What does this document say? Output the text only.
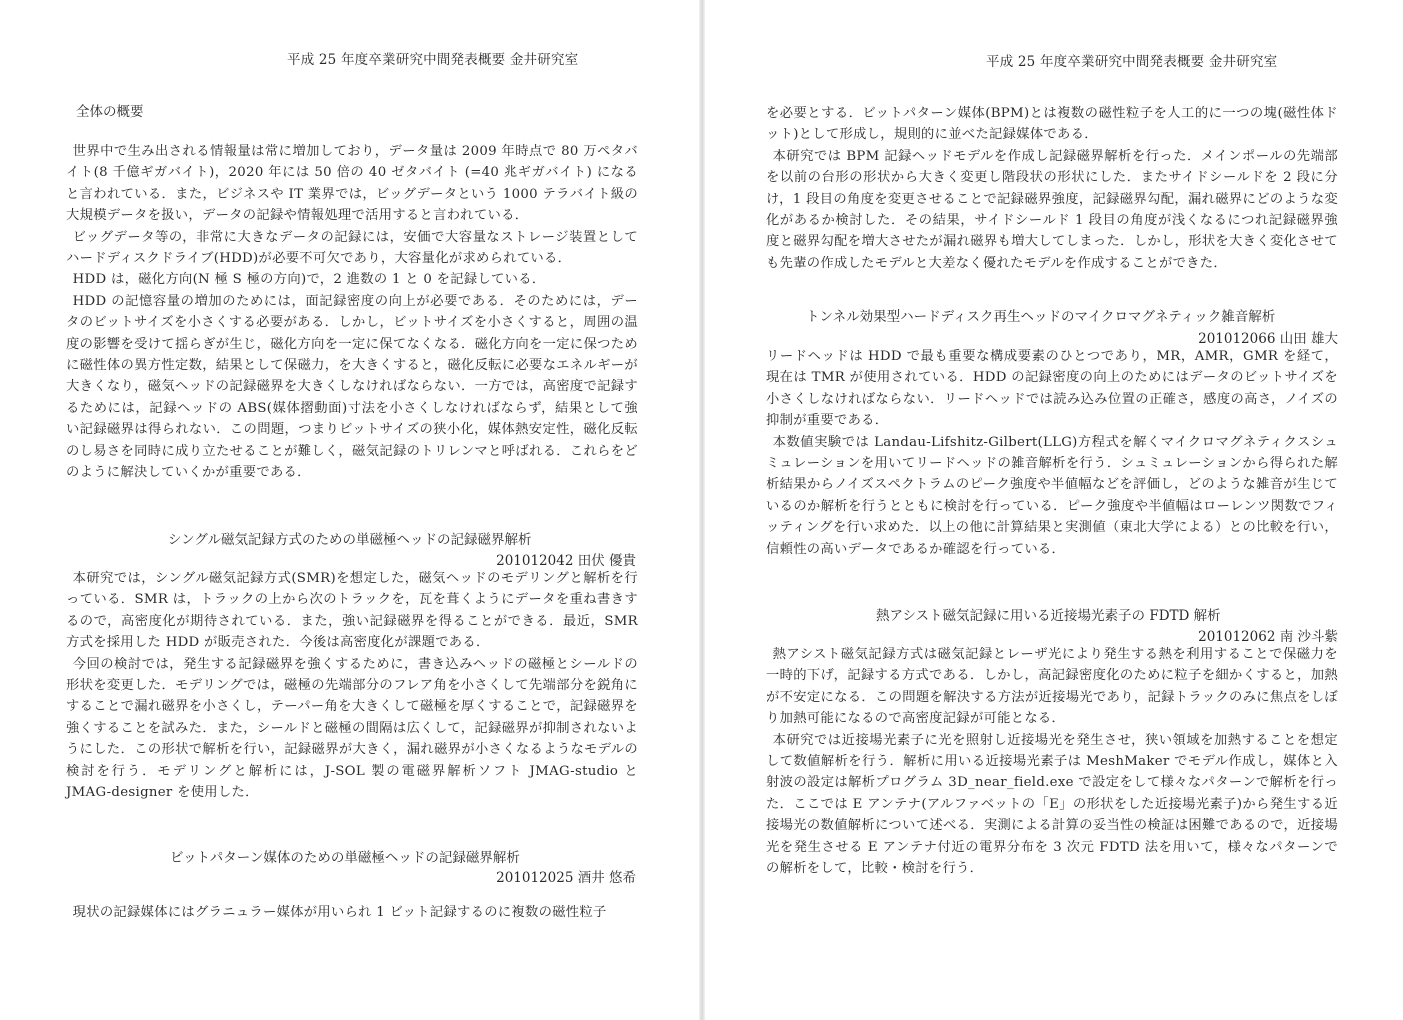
平成 25 年度卒業研究中間発表概要 金井研究室
全体の概要

世界中で生み出される情報量は常に増加しており，データ量は 2009 年時点で 80 万ペタバイト(8 千億ギガバイト)，2020 年には 50 倍の 40 ゼタバイト (=40 兆ギガバイト) になると言われている．また，ビジネスや IT 業界では，ビッグデータという 1000 テラバイト級の大規模データを扱い，データの記録や情報処理で活用すると言われている．

ビッグデータ等の，非常に大きなデータの記録には，安価で大容量なストレージ装置としてハードディスクドライブ(HDD)が必要不可欠であり，大容量化が求められている．

HDD は，磁化方向(N 極 S 極の方向)で，2 進数の 1 と 0 を記録している．

HDD の記憶容量の増加のためには，面記録密度の向上が必要である．そのためには，データのビットサイズを小さくする必要がある．しかし，ビットサイズを小さくすると，周囲の温度の影響を受けて揺らぎが生じ，磁化方向を一定に保てなくなる．磁化方向を一定に保つために磁性体の異方性定数，結果として保磁力，を大きくすると，磁化反転に必要なエネルギーが大きくなり，磁気ヘッドの記録磁界を大きくしなければならない．一方では，高密度で記録するためには，記録ヘッドの ABS(媒体摺動面)寸法を小さくしなければならず，結果として強い記録磁界は得られない．この問題，つまりビットサイズの狭小化，媒体熱安定性，磁化反転のし易さを同時に成り立たせることが難しく，磁気記録のトリレンマと呼ばれる．これらをどのように解決していくかが重要である．

シングル磁気記録方式のための単磁極ヘッドの記録磁界解析
201012042 田伏 優貴

本研究では，シングル磁気記録方式(SMR)を想定した，磁気ヘッドのモデリングと解析を行っている．SMR は，トラックの上から次のトラックを，瓦を葺くようにデータを重ね書きするので，高密度化が期待されている．また，強い記録磁界を得ることができる．最近，SMR 方式を採用した HDD が販売された．今後は高密度化が課題である．

今回の検討では，発生する記録磁界を強くするために，書き込みヘッドの磁極とシールドの形状を変更した．モデリングでは，磁極の先端部分のフレア角を小さくして先端部分を鋭角にすることで漏れ磁界を小さくし，テーパー角を大きくして磁極を厚くすることで，記録磁界を強くすることを試みた．また，シールドと磁極の間隔は広くして，記録磁界が抑制されないようにした．この形状で解析を行い，記録磁界が大きく，漏れ磁界が小さくなるようなモデルの検討を行う．モデリングと解析には，J-SOL 製の電磁界解析ソフト JMAG-studio と JMAG-designer を使用した．

ビットパターン媒体のための単磁極ヘッドの記録磁界解析
201012025 酒井 悠希

現状の記録媒体にはグラニュラー媒体が用いられ 1 ビット記録するのに複数の磁性粒子

平成 25 年度卒業研究中間発表概要 金井研究室

を必要とする．ビットパターン媒体(BPM)とは複数の磁性粒子を人工的に一つの塊(磁性体ドット)として形成し，規則的に並べた記録媒体である．

本研究では BPM 記録ヘッドモデルを作成し記録磁界解析を行った．メインポールの先端部を以前の台形の形状から大きく変更し階段状の形状にした．またサイドシールドを 2 段に分け，1 段目の角度を変更させることで記録磁界強度，記録磁界勾配，漏れ磁界にどのような変化があるか検討した．その結果，サイドシールド 1 段目の角度が浅くなるにつれ記録磁界強度と磁界勾配を増大させたが漏れ磁界も増大してしまった．しかし，形状を大きく変化させても先輩の作成したモデルと大差なく優れたモデルを作成することができた．

トンネル効果型ハードディスク再生ヘッドのマイクロマグネティック雑音解析
201012066 山田 雄大

リードヘッドは HDD で最も重要な構成要素のひとつであり，MR，AMR，GMR を経て，現在は TMR が使用されている．HDD の記録密度の向上のためにはデータのビットサイズを小さくしなければならない．リードヘッドでは読み込み位置の正確さ，感度の高さ，ノイズの抑制が重要である．

本数値実験では Landau-Lifshitz-Gilbert(LLG)方程式を解くマイクロマグネティクスシュミュレーションを用いてリードヘッドの雑音解析を行う．シュミュレーションから得られた解析結果からノイズスペクトラムのピーク強度や半値幅などを評価し，どのような雑音が生じているのか解析を行うとともに検討を行っている．ピーク強度や半値幅はローレンツ関数でフィッティングを行い求めた．以上の他に計算結果と実測値（東北大学による）との比較を行い，信頼性の高いデータであるか確認を行っている．

熱アシスト磁気記録に用いる近接場光素子の FDTD 解析
201012062 南 沙斗紫

熱アシスト磁気記録方式は磁気記録とレーザ光により発生する熱を利用することで保磁力を一時的下げ，記録する方式である．しかし，高記録密度化のために粒子を細かくすると，加熱が不安定になる．この問題を解決する方法が近接場光であり，記録トラックのみに焦点をしぼり加熱可能になるので高密度記録が可能となる．

本研究では近接場光素子に光を照射し近接場光を発生させ，狭い領域を加熱することを想定して数値解析を行う．解析に用いる近接場光素子は MeshMaker でモデル作成し，媒体と入射波の設定は解析プログラム 3D_near_field.exe で設定をして様々なパターンで解析を行った．ここでは E アンテナ(アルファベットの「E」の形状をした近接場光素子)から発生する近接場光の数値解析について述べる．実測による計算の妥当性の検証は困難であるので，近接場光を発生させる E アンテナ付近の電界分布を 3 次元 FDTD 法を用いて，様々なパターンでの解析をして，比較・検討を行う．
